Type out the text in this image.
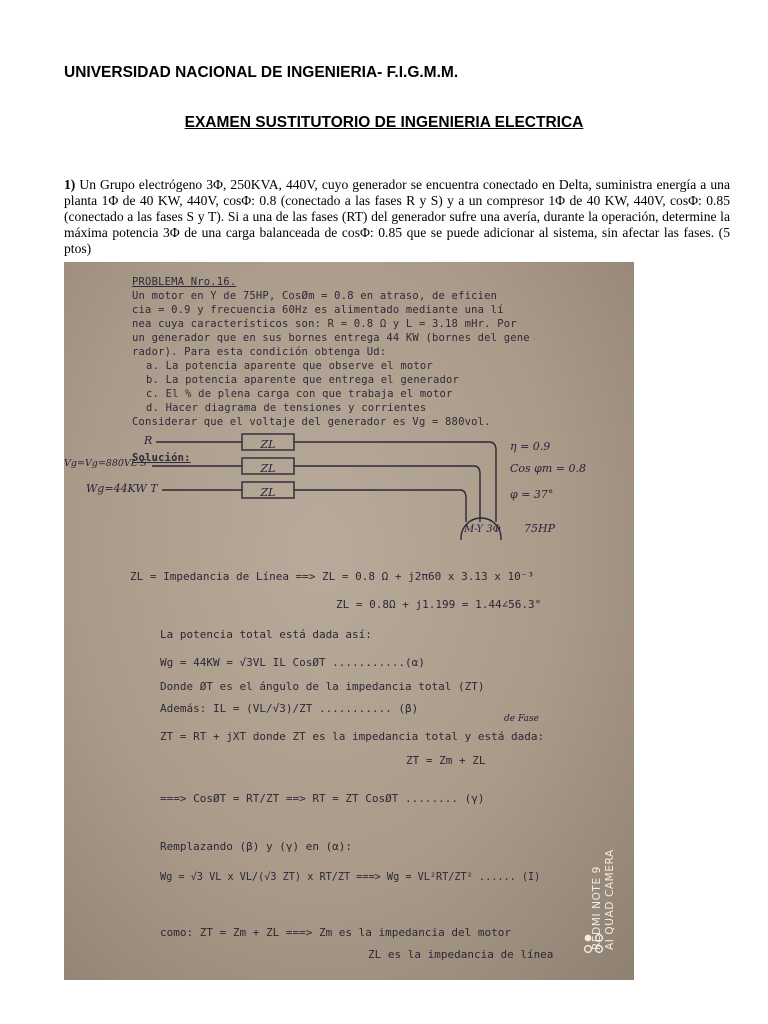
UNIVERSIDAD NACIONAL DE INGENIERIA- F.I.G.M.M.
EXAMEN SUSTITUTORIO DE INGENIERIA ELECTRICA

1) Un Grupo electrógeno 3Φ, 250KVA, 440V, cuyo generador se encuentra conectado en Delta, suministra energía a una planta 1Φ de 40 KW, 440V, cosΦ: 0.8 (conectado a las fases R y S) y a un compresor 1Φ de 40 KW, 440V, cosΦ: 0.85 (conectado a las fases S y T). Si a una de las fases (RT) del generador sufre una avería, durante la operación, determine la máxima potencia 3Φ de una carga balanceada de cosΦ: 0.85 que se puede adicionar al sistema, sin afectar las fases. (5 ptos)

PROBLEMA Nro.16.
Un motor en Y de 75HP, CosØm = 0.8 en atraso, de eficien
cia = 0.9 y frecuencia 60Hz es alimentado mediante una lí
nea cuya característicos son: R = 0.8 Ω y L = 3.18 mHr. Por
un generador que en sus bornes entrega 44 KW (bornes del gene
rador). Para esta condición obtenga Ud:
a. La potencia aparente que observe el motor
b. La potencia aparente que entrega el generador
c. El % de plena carga con que trabaja el motor
d. Hacer diagrama de tensiones y corrientes
Considerar que el voltaje del generador es Vg = 880vol.
Solución:
ZL
ZL
ZL
R
Vg=Vg=880VL S
Wg=44KW T
M-Y 3Φ
η = 0.9
Cos φm = 0.8
φ = 37°
75HP
ZL = Impedancia de Línea ==> ZL = 0.8 Ω + j2π60 x 3.13 x 10⁻³
ZL = 0.8Ω + j1.199 = 1.44∠56.3°
La potencia total está dada así:
Wg = 44KW = √3VL IL CosØT ...........(α)
Donde ØT es el ángulo de la impedancia total (ZT)
Además: IL = (VL/√3)/ZT ........... (β)
de Fase
ZT = RT + jXT donde ZT es la impedancia total y está dada:
ZT = Zm + ZL
===> CosØT = RT/ZT ==> RT = ZT CosØT ........ (γ)
Remplazando (β) y (γ) en (α):
Wg = √3 VL x VL/(√3 ZT) x RT/ZT ===> Wg = VL²RT/ZT² ...... (I)
como: ZT = Zm + ZL ===> Zm es la impedancia del motor
ZL es la impedancia de línea
REDMI NOTE 9 AI QUAD CAMERA
